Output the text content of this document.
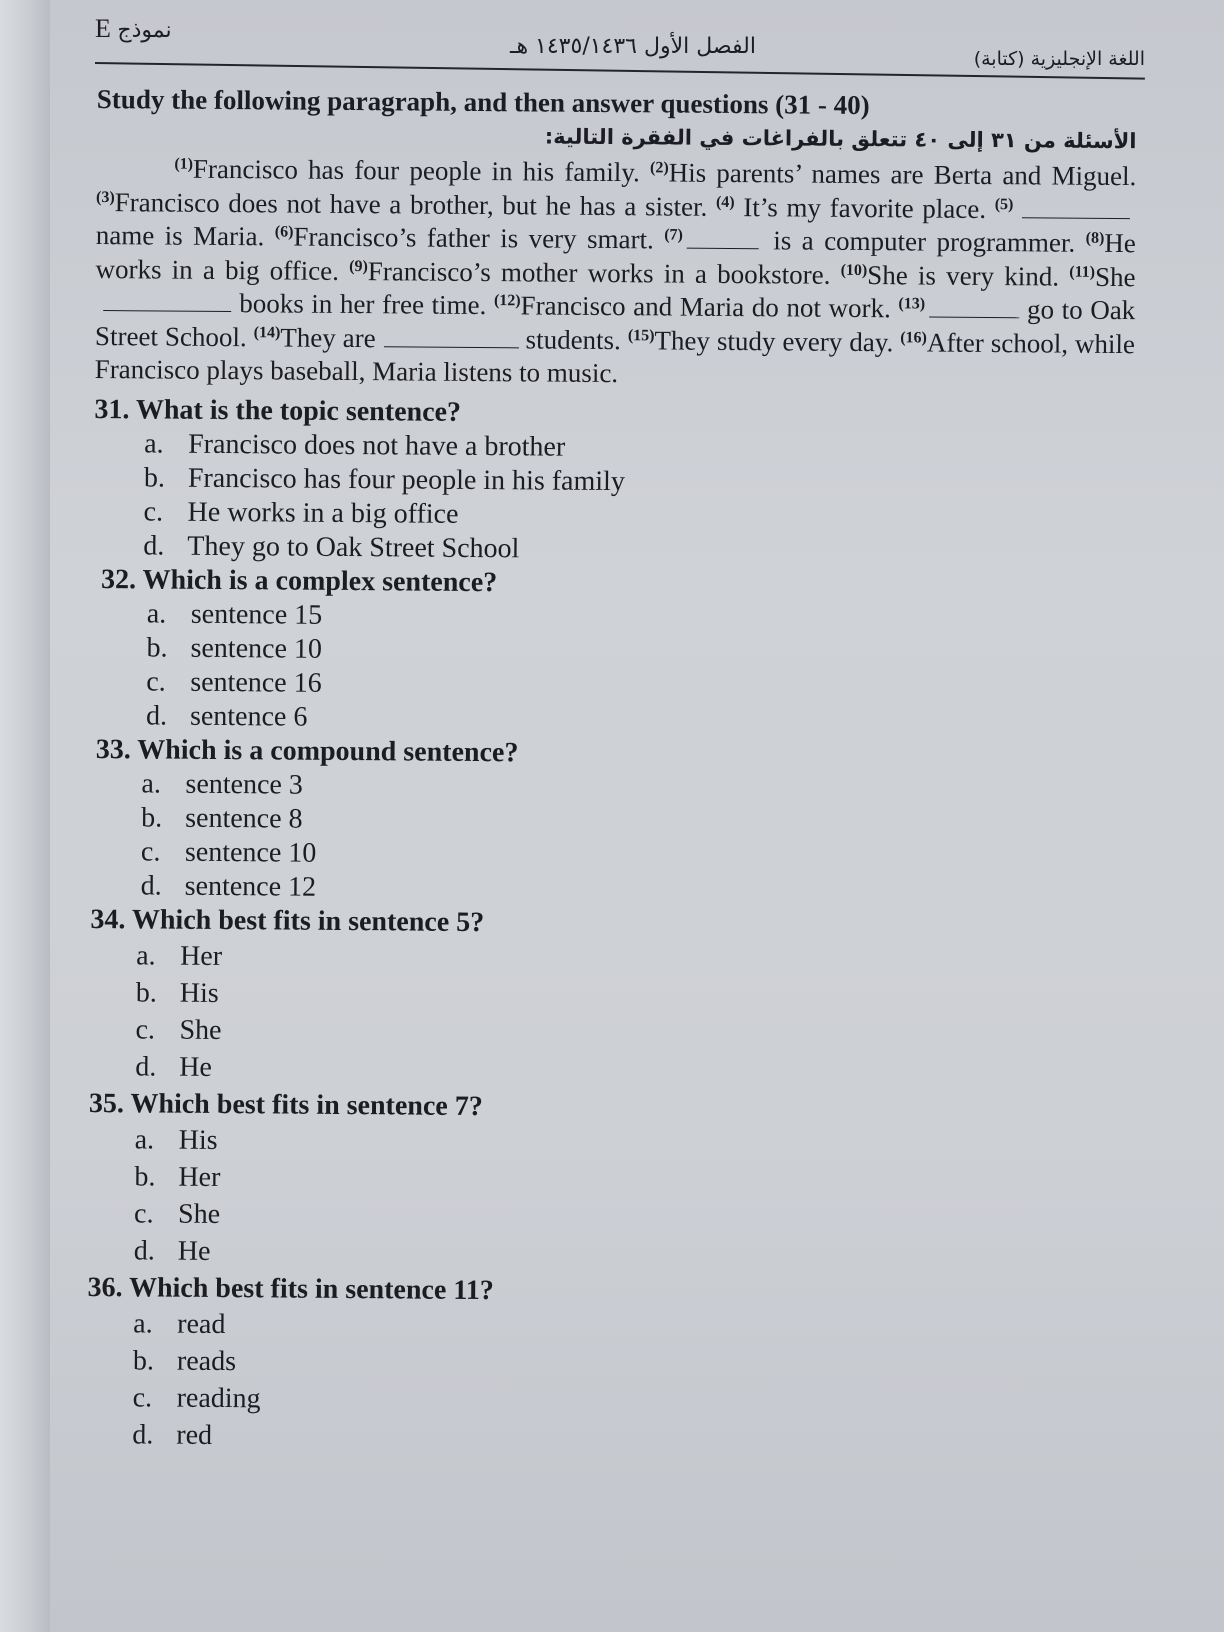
E نموذج
الفصل الأول ١٤٣٥/١٤٣٦ هـ	اللغة الإنجليزية (كتابة)
Study the following paragraph, and then answer questions (31 - 40)
الأسئلة من ٣١ إلى ٤٠ تتعلق بالفراغات في الفقرة التالية:
$^{(1)}$Francisco has four people in his family. $^{(2)}$His parents’ names are Berta and Miguel. $^{(3)}$Francisco does not have a brother, but he has a sister. $^{(4)}$ It’s my favorite place. $^{(5)}$  name is Maria. $^{(6)}$Francisco’s father is very smart. $^{(7)}$	is a computer programmer. $^{(8)}$He works in a big office. $^{(9)}$Francisco’s mother works in a bookstore. $^{(10)}$She is very kind. $^{(11)}$Shebooks in her free time. $^{(12)}$Francisco and Maria do not work. $^{(13)}$	go to Oak Street School. $^{(14)}$They are	students. $^{(15)}$They study every day. $^{(16)}$After school, while Francisco plays baseball, Maria listens to music.
31. What is the topic sentence?
a. Francisco does not have a brother
b. Francisco has four people in his family
c. He works in a big office
d. They go to Oak Street School
32. Which is a complex sentence?
a. sentence 15
b. sentence 10
c. sentence 16
d. sentence 6
33. Which is a compound sentence?
a. sentence 3
b. sentence 8
c. sentence 10
d. sentence 12
34. Which best fits in sentence 5?
a. Her
b. His
c. She
d. He
35. Which best fits in sentence 7?
a. His
b. Her
c. She
d. He
36. Which best fits in sentence 11?
a. read
b. reads
c. reading
d. red
